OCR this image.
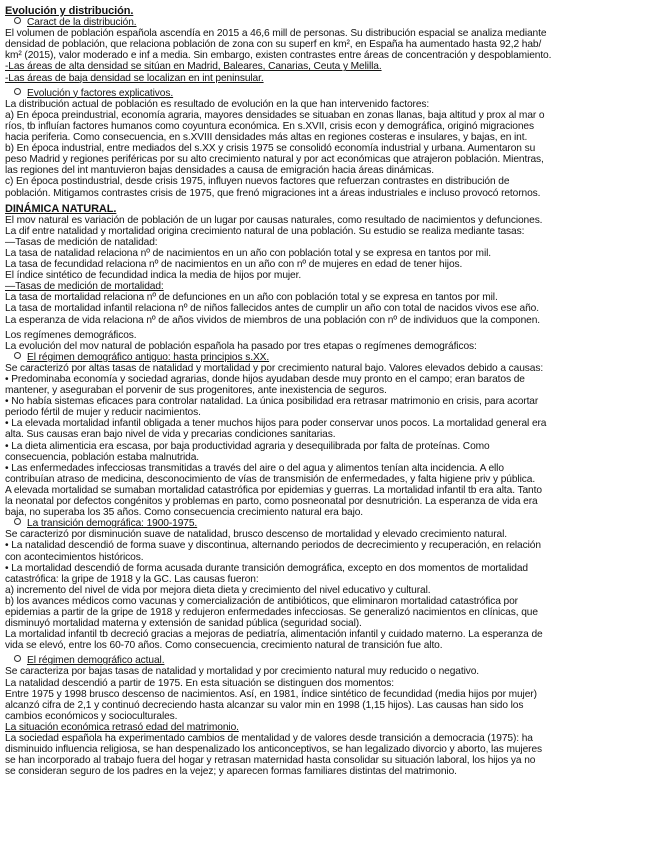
Evolución y distribución.
Caract de la distribución.
El volumen de población española ascendía en 2015 a 46,6 mill de personas. Su distribución espacial se analiza mediante
densidad de población, que relaciona población de zona con su superf en km², en España ha aumentado hasta 92,2 hab/
km² (2015), valor moderado e inf a media. Sin embargo, existen contrastes entre áreas de concentración y despoblamiento.
-Las áreas de alta densidad se sitúan en Madrid, Baleares, Canarias, Ceuta y Melilla.
-Las áreas de baja densidad se localizan en int peninsular.
Evolución y factores explicativos.
La distribución actual de población es resultado de evolución en la que han intervenido factores:
a) En época preindustrial, economía agraria, mayores densidades se situaban en zonas llanas, baja altitud y prox al mar o
ríos, tb influían factores humanos como coyuntura económica. En s.XVII, crisis econ y demográfica, originó migraciones
hacia periferia. Como consecuencia, en s.XVIII densidades más altas en regiones costeras e insulares, y bajas, en int.
b) En época industrial, entre mediados del s.XX y crisis 1975 se consolidó economía industrial y urbana. Aumentaron su
peso Madrid y regiones periféricas por su alto crecimiento natural y por act económicas que atrajeron población. Mientras,
las regiones del int mantuvieron bajas densidades a causa de emigración hacia áreas dinámicas.
c) En época postindustrial, desde crisis 1975, influyen nuevos factores que refuerzan contrastes en distribución de
población. Mitigamos contrastes crisis de 1975, que frenó migraciones int a áreas industriales e incluso provocó retornos.
DINÁMICA NATURAL.
El mov natural es variación de población de un lugar por causas naturales, como resultado de nacimientos y defunciones.
La dif entre natalidad y mortalidad origina crecimiento natural de una población. Su estudio se realiza mediante tasas:
—Tasas de medición de natalidad:
La tasa de natalidad relaciona nº de nacimientos en un año con población total y se expresa en tantos por mil.
La tasa de fecundidad relaciona nº de nacimientos en un año con nº de mujeres en edad de tener hijos.
El índice sintético de fecundidad indica la media de hijos por mujer.
—Tasas de medición de mortalidad:
La tasa de mortalidad relaciona nº de defunciones en un año con población total y se expresa en tantos por mil.
La tasa de mortalidad infantil relaciona nº de niños fallecidos antes de cumplir un año con total de nacidos vivos ese año.
La esperanza de vida relaciona nº de años vividos de miembros de una población con nº de individuos que la componen.
Los regímenes demográficos.
La evolución del mov natural de población española ha pasado por tres etapas o regímenes demográficos:
El régimen demográfico antiguo: hasta principios s.XX.
Se caracterizó por altas tasas de natalidad y mortalidad y por crecimiento natural bajo. Valores elevados debido a causas:
• Predominaba economía y sociedad agrarias, donde hijos ayudaban desde muy pronto en el campo; eran baratos de
mantener, y aseguraban el porvenir de sus progenitores, ante inexistencia de seguros.
• No había sistemas eficaces para controlar natalidad. La única posibilidad era retrasar matrimonio en crisis, para acortar
periodo fértil de mujer y reducir nacimientos.
• La elevada mortalidad infantil obligada a tener muchos hijos para poder conservar unos pocos. La mortalidad general era
alta. Sus causas eran bajo nivel de vida y precarias condiciones sanitarias.
• La dieta alimenticia era escasa, por baja productividad agraria y desequilibrada por falta de proteínas. Como
consecuencia, población estaba malnutrida.
• Las enfermedades infecciosas transmitidas a través del aire o del agua y alimentos tenían alta incidencia. A ello
contribuían atraso de medicina, desconocimiento de vías de transmisión de enfermedades, y falta higiene priv y pública.
A elevada mortalidad se sumaban mortalidad catastrófica por epidemias y guerras. La mortalidad infantil tb era alta. Tanto
la neonatal por defectos congénitos y problemas en parto, como posneonatal por desnutrición. La esperanza de vida era
baja, no superaba los 35 años. Como consecuencia crecimiento natural era bajo.
La transición demográfica: 1900-1975.
Se caracterizó por disminución suave de natalidad, brusco descenso de mortalidad y elevado crecimiento natural.
• La natalidad descendió de forma suave y discontinua, alternando periodos de decrecimiento y recuperación, en relación
con acontecimientos históricos.
• La mortalidad descendió de forma acusada durante transición demográfica, excepto en dos momentos de mortalidad
catastrófica: la gripe de 1918 y la GC. Las causas fueron:
a) incremento del nivel de vida por mejora dieta dieta y crecimiento del nivel educativo y cultural.
b) los avances médicos como vacunas y comercialización de antibióticos, que eliminaron mortalidad catastrófica por
epidemias a partir de la gripe de 1918 y redujeron enfermedades infecciosas. Se generalizó nacimientos en clínicas, que
disminuyó mortalidad materna y extensión de sanidad pública (seguridad social).
La mortalidad infantil tb decreció gracias a mejoras de pediatría, alimentación infantil y cuidado materno. La esperanza de
vida se elevó, entre los 60-70 años. Como consecuencia, crecimiento natural de transición fue alto.
El régimen demográfico actual.
Se caracteriza por bajas tasas de natalidad y mortalidad y por crecimiento natural muy reducido o negativo.
La natalidad descendió a partir de 1975. En esta situación se distinguen dos momentos:
Entre 1975 y 1998 brusco descenso de nacimientos. Así, en 1981, índice sintético de fecundidad (media hijos por mujer)
alcanzó cifra de 2,1 y continuó decreciendo hasta alcanzar su valor min en 1998 (1,15 hijos). Las causas han sido los
cambios económicos y socioculturales.
La situación económica retrasó edad del matrimonio.
La sociedad española ha experimentado cambios de mentalidad y de valores desde transición a democracia (1975): ha
disminuido influencia religiosa, se han despenalizado los anticonceptivos, se han legalizado divorcio y aborto, las mujeres
se han incorporado al trabajo fuera del hogar y retrasan maternidad hasta consolidar su situación laboral, los hijos ya no
se consideran seguro de los padres en la vejez; y aparecen formas familiares distintas del matrimonio.
